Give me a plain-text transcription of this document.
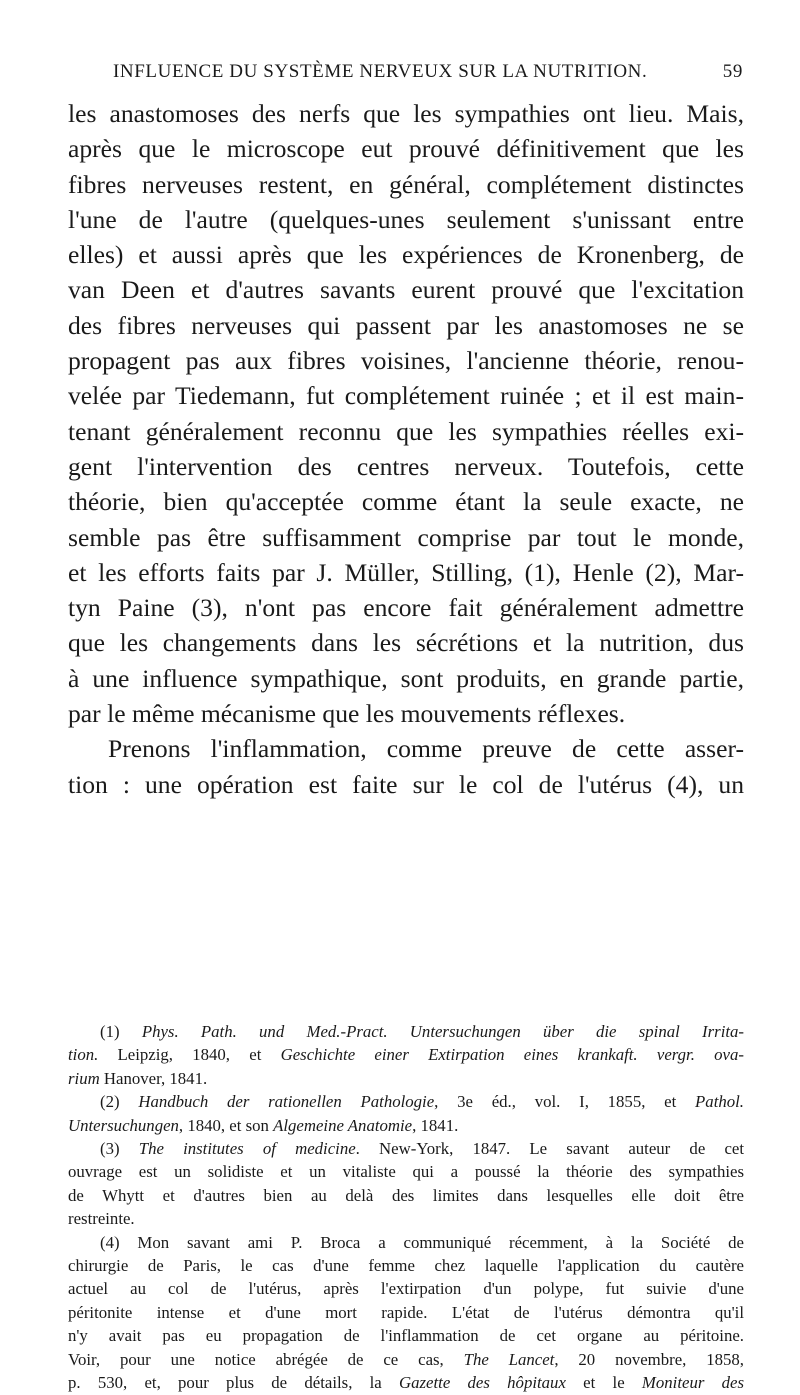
INFLUENCE DU SYSTÈME NERVEUX SUR LA NUTRITION.	59
les anastomoses des nerfs que les sympathies ont lieu. Mais,
après que le microscope eut prouvé définitivement que les
fibres nerveuses restent, en général, complétement distinctes
l'une de l'autre (quelques-unes seulement s'unissant entre
elles) et aussi après que les expériences de Kronenberg, de
van Deen et d'autres savants eurent prouvé que l'excitation
des fibres nerveuses qui passent par les anastomoses ne se
propagent pas aux fibres voisines, l'ancienne théorie, renou-
velée par Tiedemann, fut complétement ruinée ; et il est main-
tenant généralement reconnu que les sympathies réelles exi-
gent l'intervention des centres nerveux. Toutefois, cette
théorie, bien qu'acceptée comme étant la seule exacte, ne
semble pas être suffisamment comprise par tout le monde,
et les efforts faits par J. Müller, Stilling, (1), Henle (2), Mar-
tyn Paine (3), n'ont pas encore fait généralement admettre
que les changements dans les sécrétions et la nutrition, dus
à une influence sympathique, sont produits, en grande partie,
par le même mécanisme que les mouvements réflexes.
Prenons l'inflammation, comme preuve de cette asser-
tion : une opération est faite sur le col de l'utérus (4), un
(1) Phys. Path. und Med.-Pract. Untersuchungen über die spinal Irrita-
tion. Leipzig, 1840, et Geschichte einer Extirpation eines krankaft. vergr. ova-
rium Hanover, 1841.
(2) Handbuch der rationellen Pathologie, 3e éd., vol. I, 1855, et Pathol.
Untersuchungen, 1840, et son Algemeine Anatomie, 1841.
(3) The institutes of medicine. New-York, 1847. Le savant auteur de cet
ouvrage est un solidiste et un vitaliste qui a poussé la théorie des sympathies
de Whytt et d'autres bien au delà des limites dans lesquelles elle doit être
restreinte.
(4) Mon savant ami P. Broca a communiqué récemment, à la Société de
chirurgie de Paris, le cas d'une femme chez laquelle l'application du cautère
actuel au col de l'utérus, après l'extirpation d'un polype, fut suivie d'une
péritonite intense et d'une mort rapide. L'état de l'utérus démontra qu'il
n'y avait pas eu propagation de l'inflammation de cet organe au péritoine.
Voir, pour une notice abrégée de ce cas, The Lancet, 20 novembre, 1858,
p. 530, et, pour plus de détails, la Gazette des hôpitaux et le Moniteur des
